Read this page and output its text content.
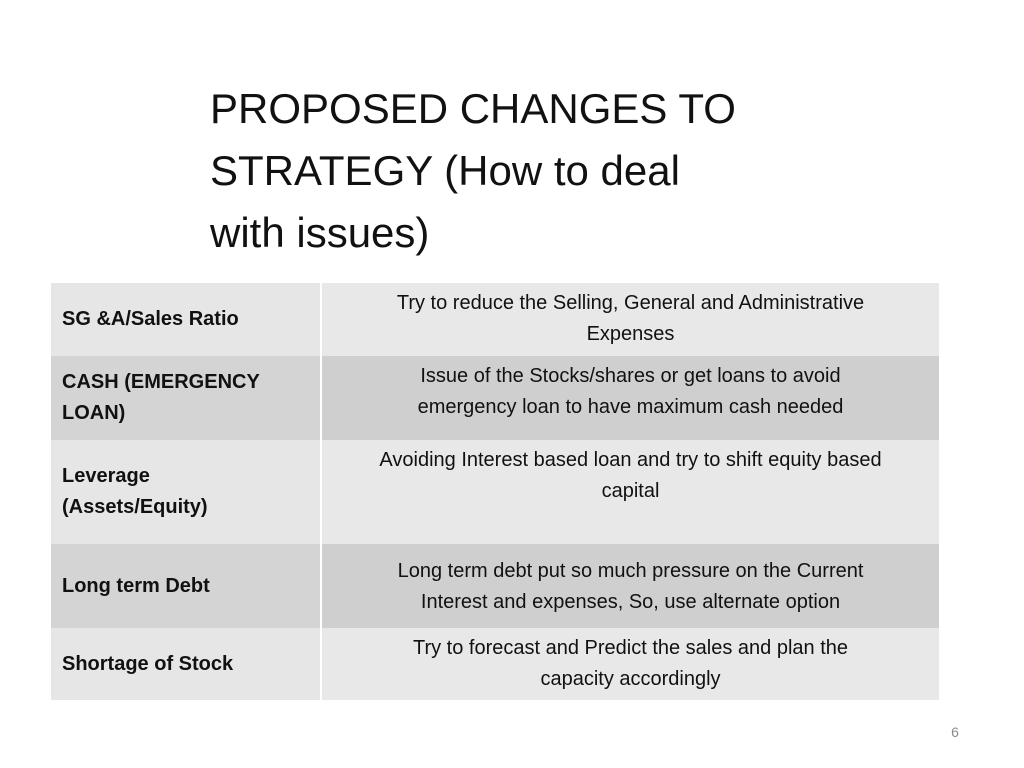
PROPOSED CHANGES TO
STRATEGY (How to deal
with issues)
SG &A/Sales Ratio	Try to reduce the Selling, General and Administrative
Expenses
CASH (EMERGENCY
LOAN)	Issue of the Stocks/shares or get loans to avoid
emergency loan to have maximum cash needed
Leverage
(Assets/Equity)	Avoiding Interest based loan and try to shift equity based
capital
Long term Debt	Long term debt put so much pressure on the Current
Interest and expenses, So, use alternate option
Shortage of Stock	Try to forecast and Predict the sales and plan the
capacity accordingly
6
